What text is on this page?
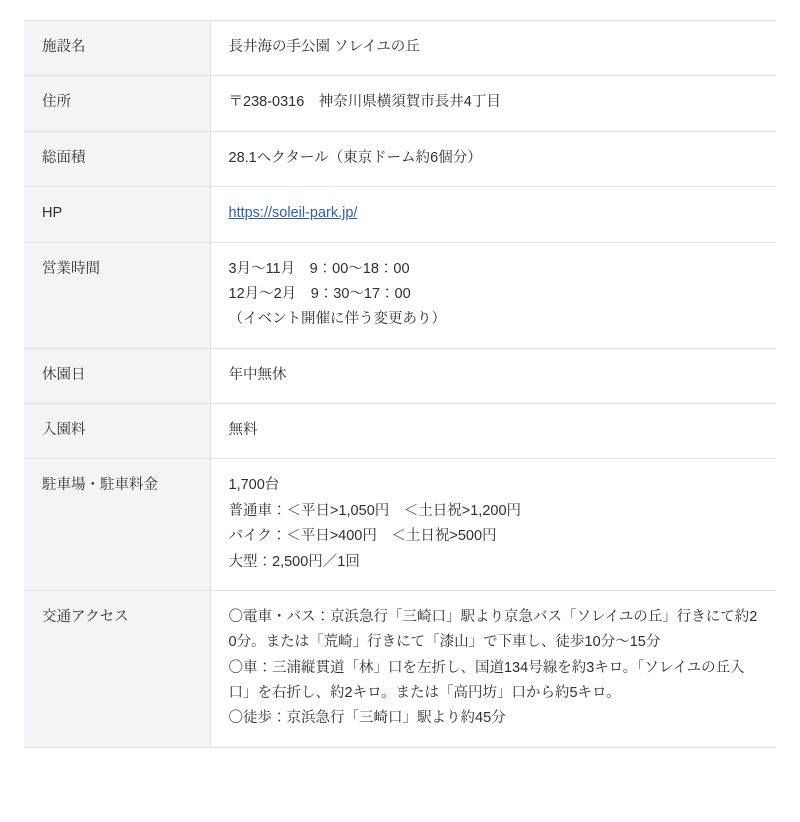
施設名	長井海の手公園 ソレイユの丘

住所	〒238-0316　神奈川県横須賀市長井4丁目

総面積	28.1ヘクタール（東京ドーム約6個分）

HP	https://soleil-park.jp/

営業時間	3月〜11月　9：00〜18：00
12月〜2月　9：30〜17：00
（イベント開催に伴う変更あり）

休園日	年中無休

入園料	無料

駐車場・駐車料金	1,700台
普通車：＜平日>1,050円　＜土日祝>1,200円
バイク：＜平日>400円　＜土日祝>500円
大型：2,500円／1回

交通アクセス	〇電車・バス：京浜急行「三崎口」駅より京急バス「ソレイユの丘」行きにて約20分。または「荒崎」行きにて「漆山」で下車し、徒歩10分〜15分
〇車：三浦縦貫道「林」口を左折し、国道134号線を約3キロ。「ソレイユの丘入口」を右折し、約2キロ。または「高円坊」口から約5キロ。
〇徒歩：京浜急行「三崎口」駅より約45分
